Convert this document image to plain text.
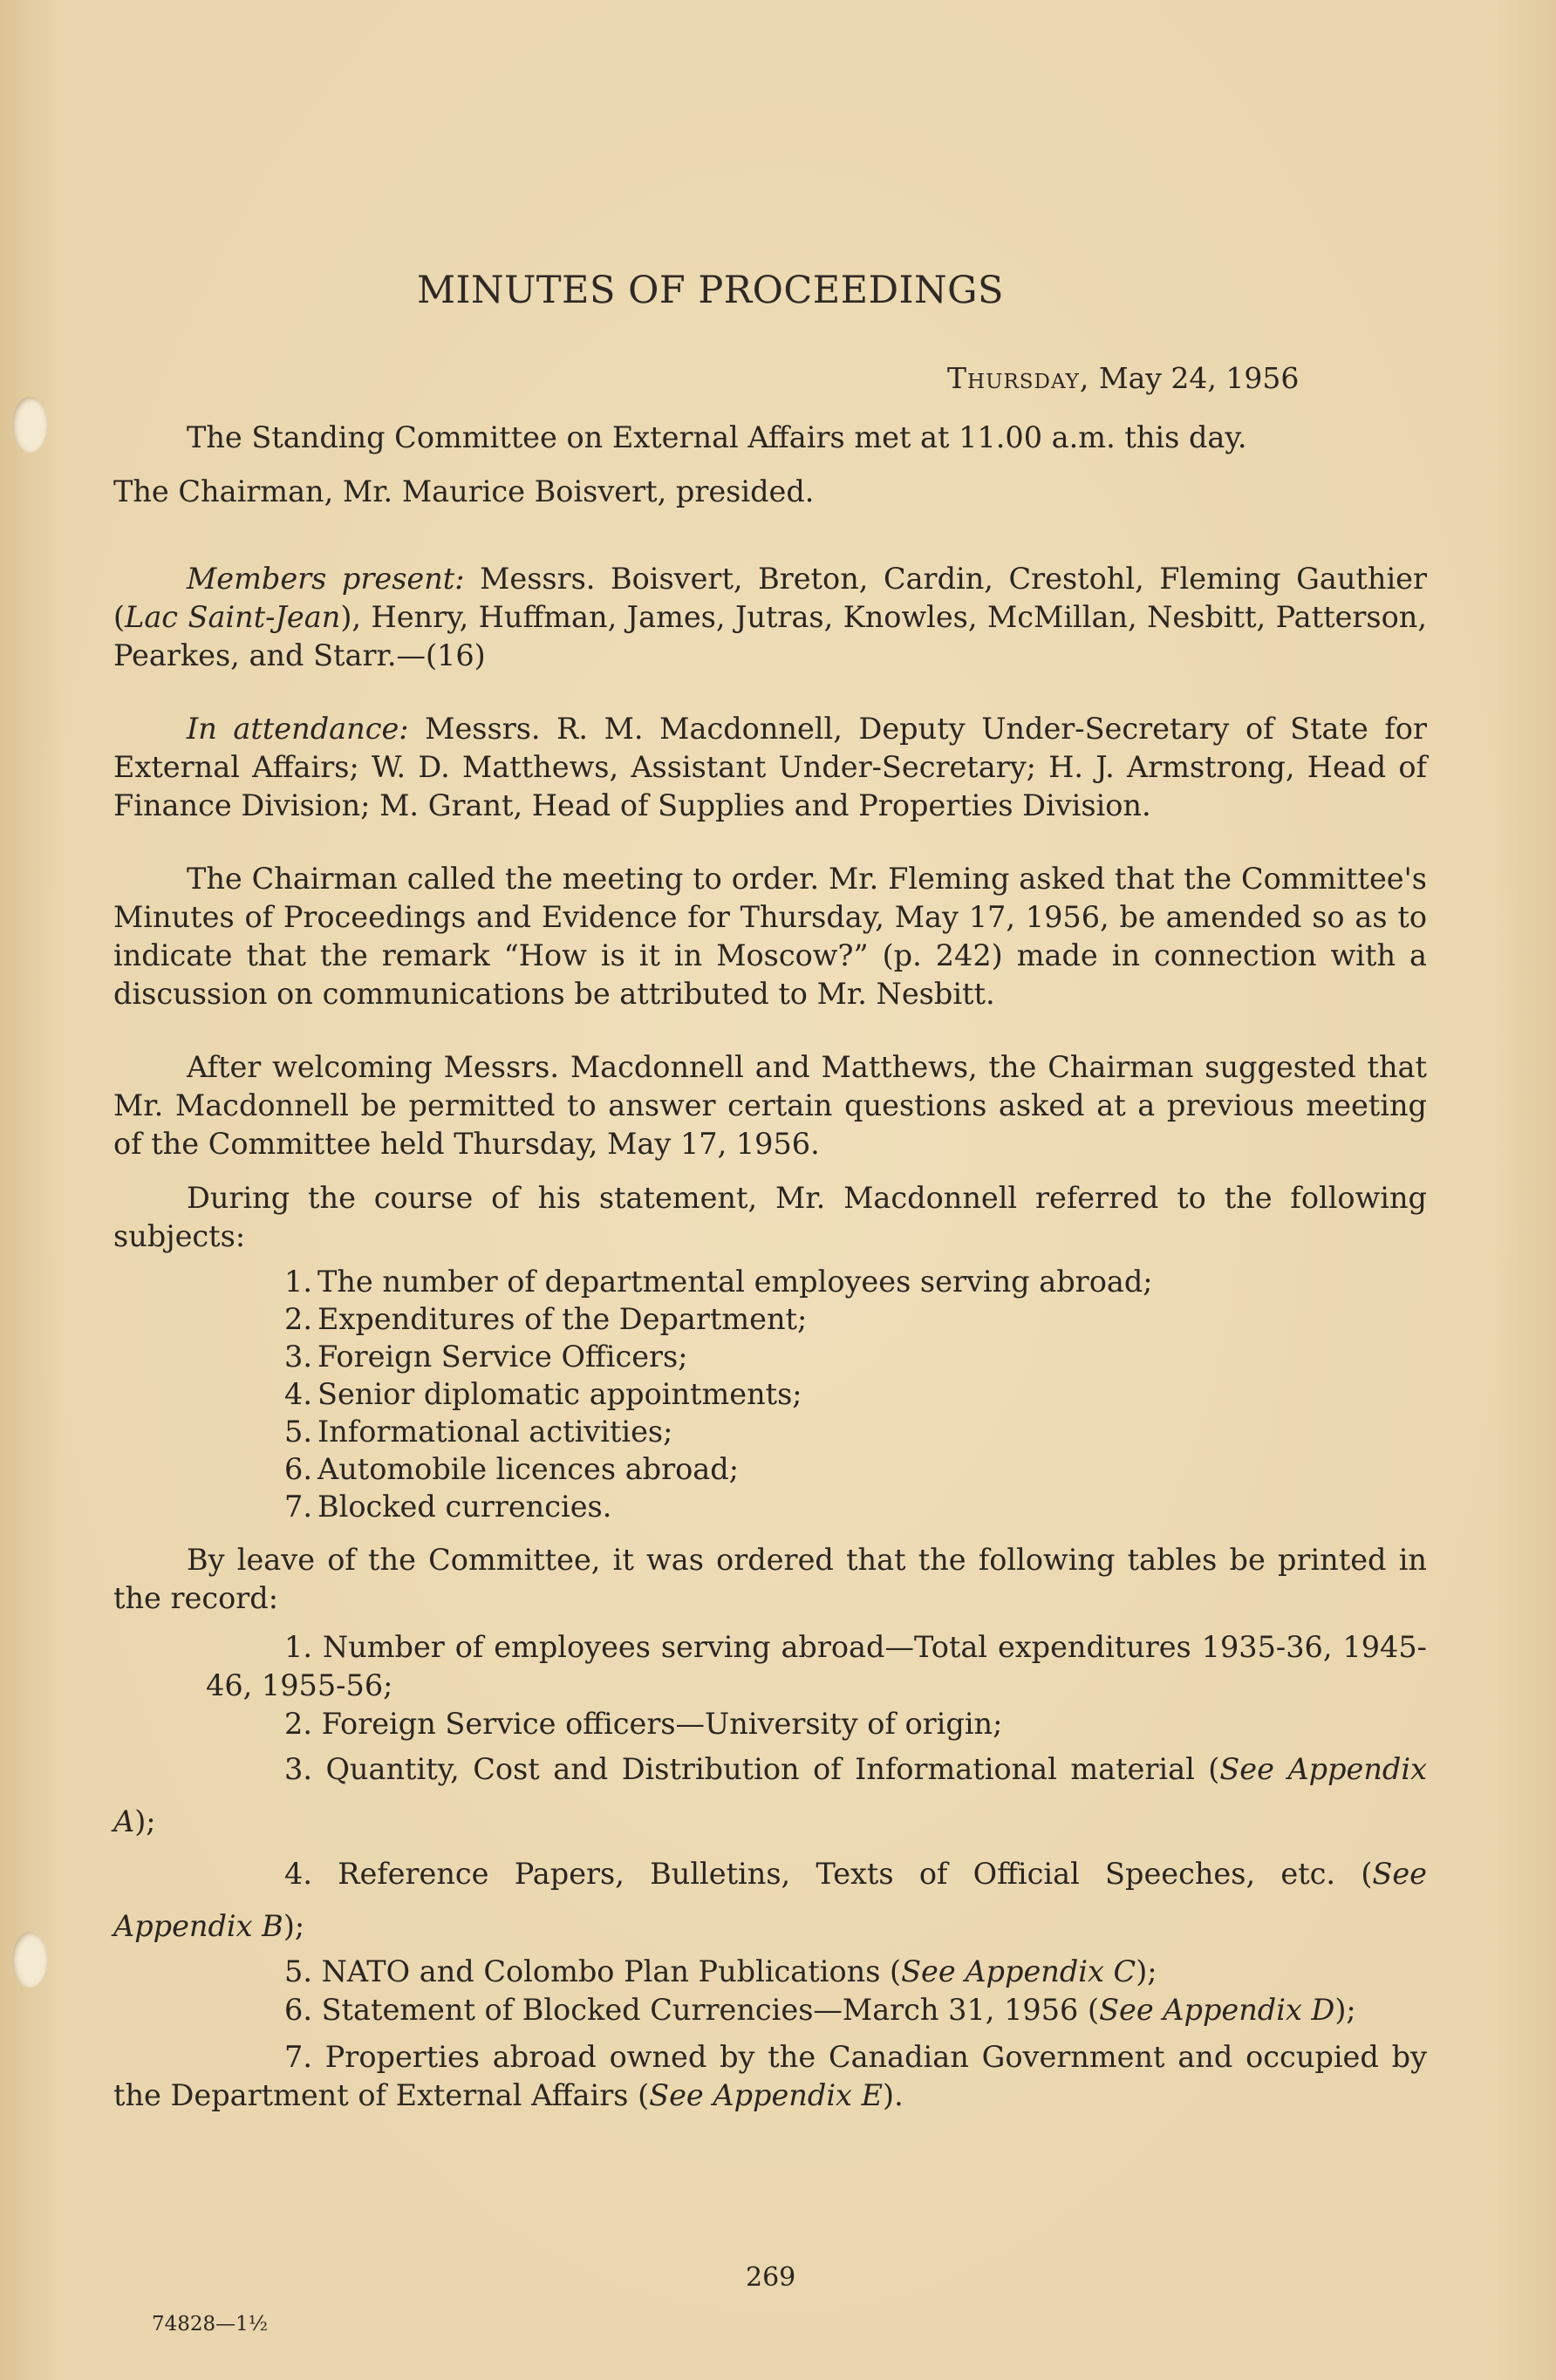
MINUTES OF PROCEEDINGS
Thursday, May 24, 1956

The Standing Committee on External Affairs met at 11.00 a.m. this day.

The Chairman, Mr. Maurice Boisvert, presided.

Members present: Messrs. Boisvert, Breton, Cardin, Crestohl, Fleming Gauthier (Lac Saint-Jean), Henry, Huffman, James, Jutras, Knowles, McMillan, Nesbitt, Patterson, Pearkes, and Starr.—(16)

In attendance: Messrs. R. M. Macdonnell, Deputy Under-Secretary of State for External Affairs; W. D. Matthews, Assistant Under-Secretary; H. J. Armstrong, Head of Finance Division; M. Grant, Head of Supplies and Properties Division.

The Chairman called the meeting to order. Mr. Fleming asked that the Committee's Minutes of Proceedings and Evidence for Thursday, May 17, 1956, be amended so as to indicate that the remark “How is it in Moscow?” (p. 242) made in connection with a discussion on communications be attributed to Mr. Nesbitt.

After welcoming Messrs. Macdonnell and Matthews, the Chairman suggested that Mr. Macdonnell be permitted to answer certain questions asked at a previous meeting of the Committee held Thursday, May 17, 1956.

During the course of his statement, Mr. Macdonnell referred to the following subjects:

1. The number of departmental employees serving abroad;
2. Expenditures of the Department;
3. Foreign Service Officers;
4. Senior diplomatic appointments;
5. Informational activities;
6. Automobile licences abroad;
7. Blocked currencies.

By leave of the Committee, it was ordered that the following tables be printed in the record:

1. Number of employees serving abroad—Total expenditures 1935-36, 1945-46, 1955-56;
2. Foreign Service officers—University of origin;
3. Quantity, Cost and Distribution of Informational material (See Appendix A);
4. Reference Papers, Bulletins, Texts of Official Speeches, etc. (See Appendix B);
5. NATO and Colombo Plan Publications (See Appendix C);
6. Statement of Blocked Currencies—March 31, 1956 (See Appendix D);
7. Properties abroad owned by the Canadian Government and occupied by the Department of External Affairs (See Appendix E).
269
74828—1½
